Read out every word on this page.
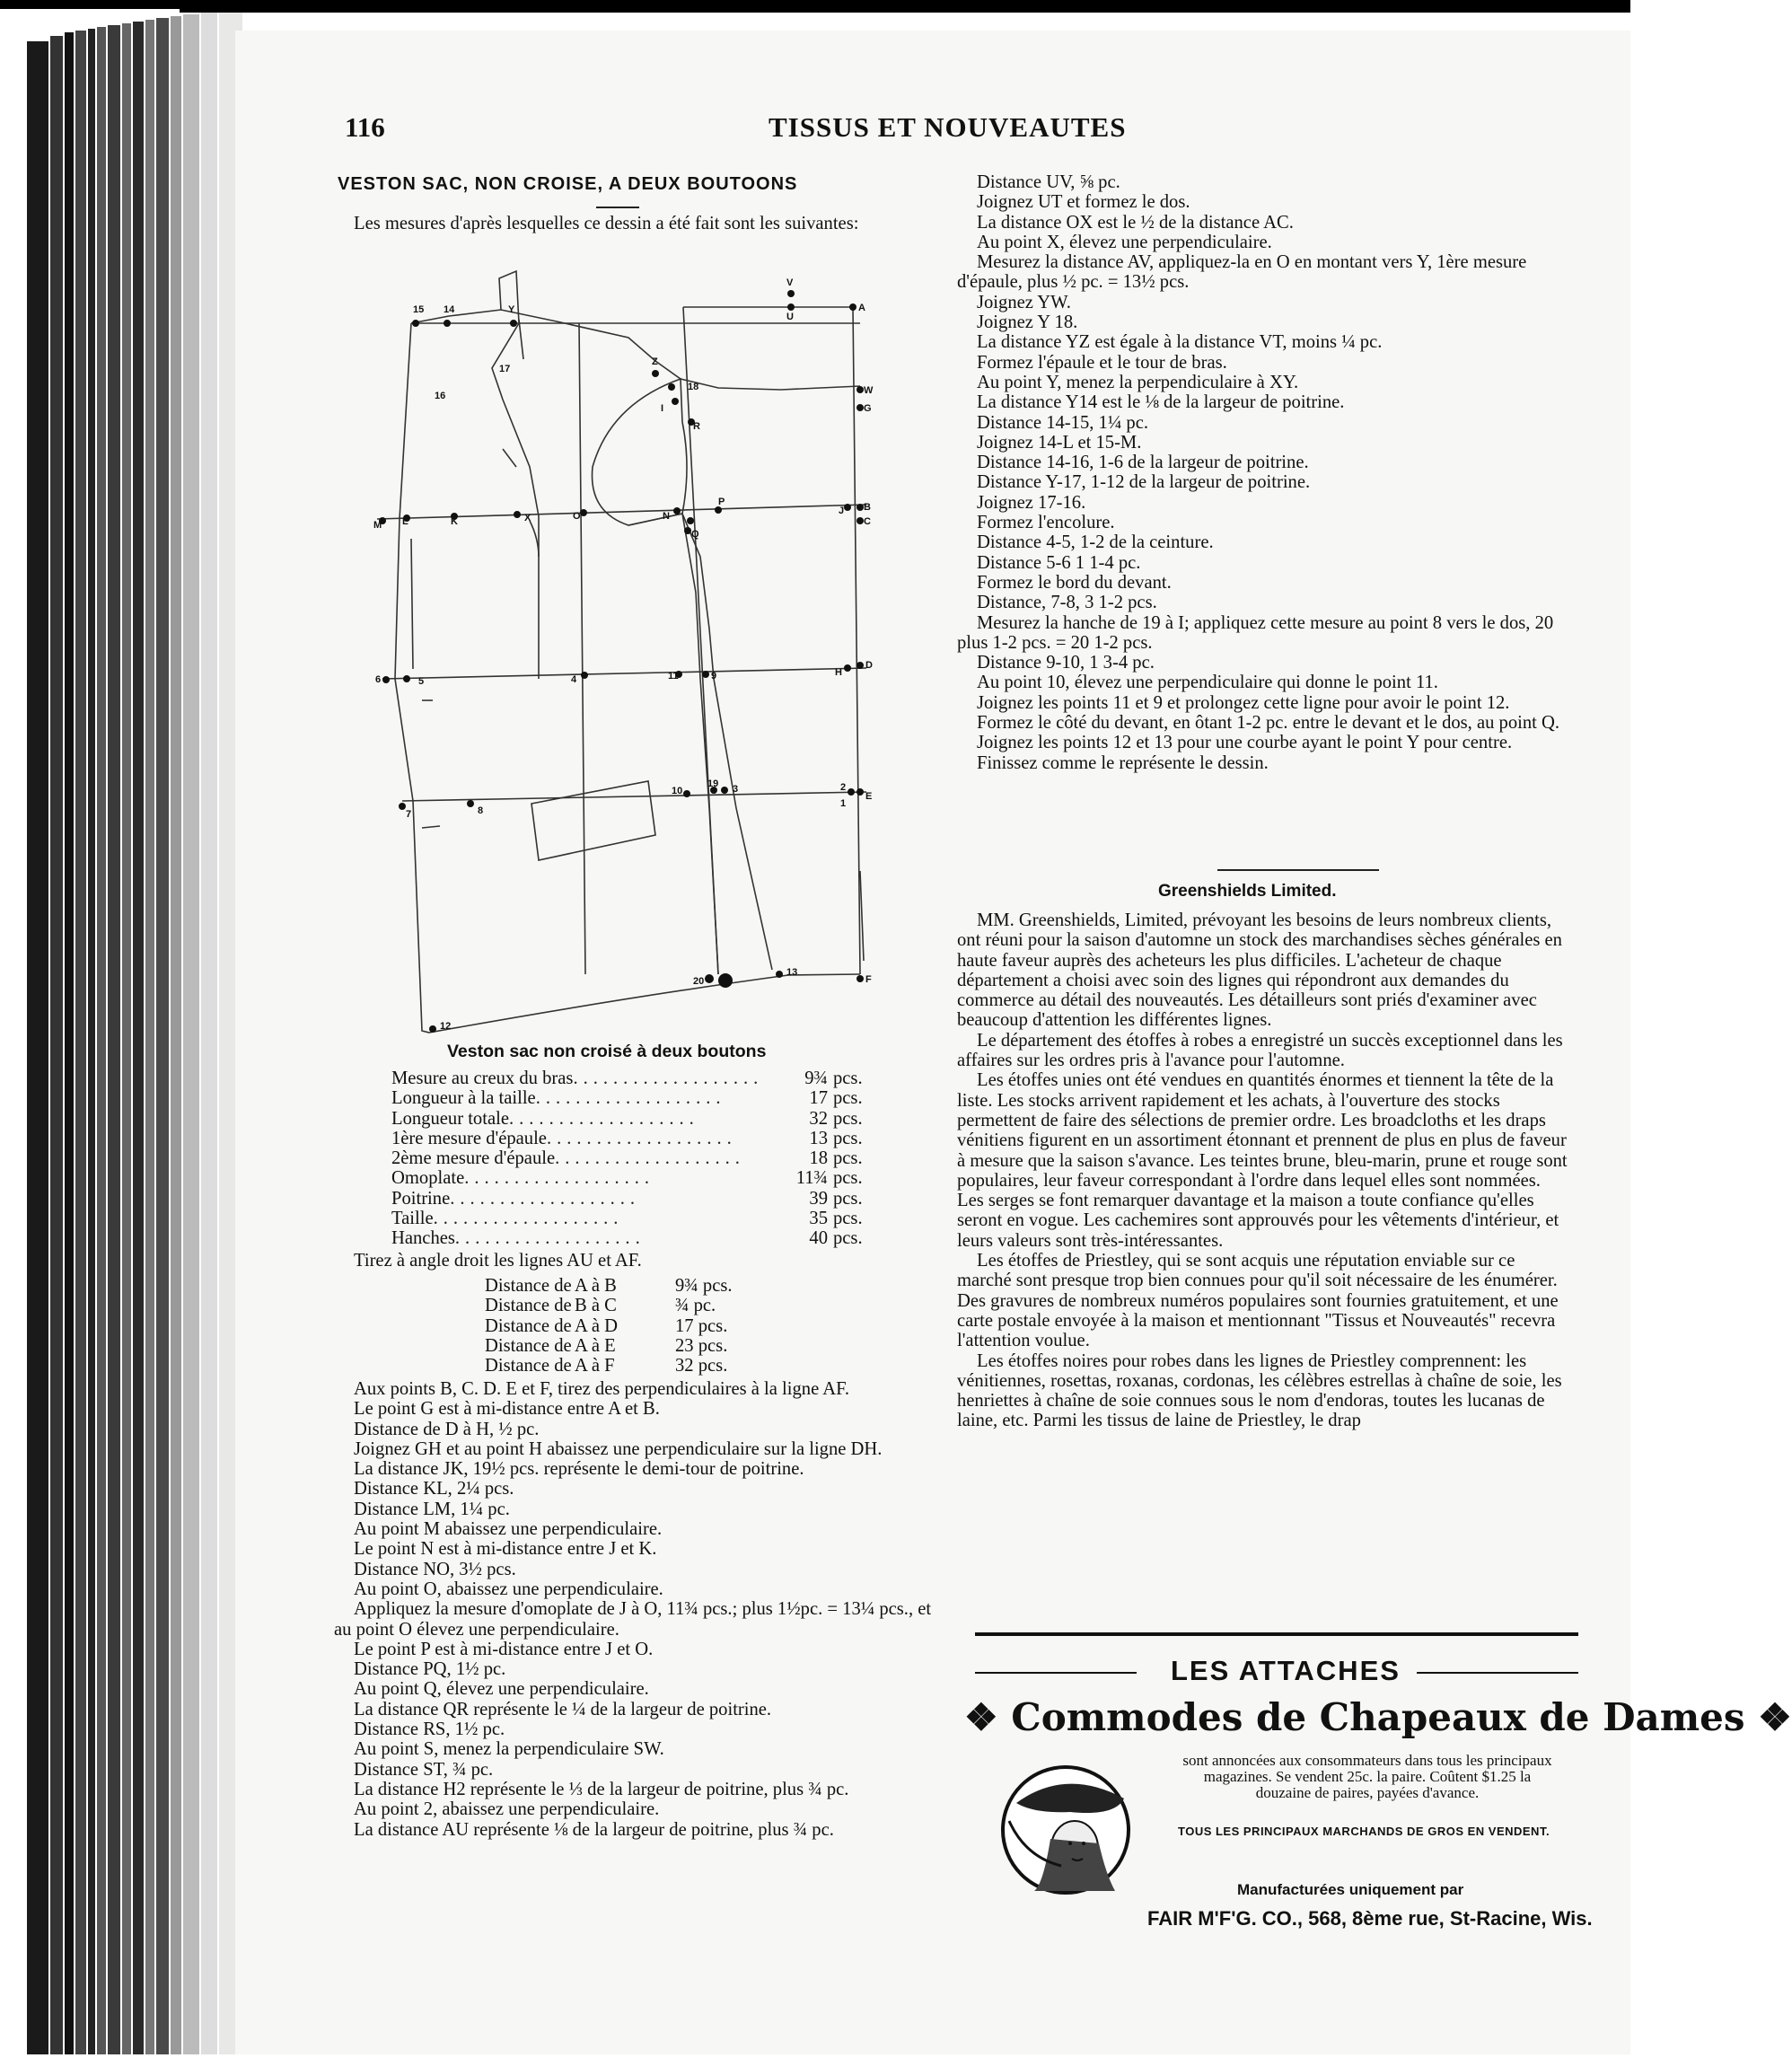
116	TISSUS ET NOUVEAUTES
VESTON SAC, NON CROISE, A DEUX BOUTOONS

Les mesures d'après lesquelles ce dessin a été fait sont les suivantes:

15 14	Y
V
U
A
17
Z
18	W
G
16
I
R
M L	K	X	O	N
P
J B
Q
C
6	5	4	11	9	H
D
7	8
10
19 3	2
1
E
20
13
F
12
Veston sac non croisé à deux boutons
Mesure au creux du bras ...................	9¾ pcs.
Longueur à la taille ...................	17 pcs.
Longueur totale ...................	32 pcs.
1ère mesure d'épaule ...................	13 pcs.
2ème mesure d'épaule ...................	18 pcs.
Omoplate ...................	11¾ pcs.
Poitrine ...................	39 pcs.
Taille ...................	35 pcs.
Hanches ...................	40 pcs.
Tirez à angle droit les lignes AU et AF.
Distance de A à B	9¾ pcs.
Distance de B à C	¾ pc.
Distance de A à D	17 pcs.
Distance de A à E	23 pcs.
Distance de A à F	32 pcs.

Aux points B, C. D. E et F, tirez des perpendiculaires à la ligne AF.

Le point G est à mi-distance entre A et B.

Distance de D à H, ½ pc.

Joignez GH et au point H abaissez une perpendiculaire sur la ligne DH.

La distance JK, 19½ pcs. représente le demi-tour de poitrine.

Distance KL, 2¼ pcs.

Distance LM, 1¼ pc.

Au point M abaissez une perpendiculaire.

Le point N est à mi-distance entre J et K.

Distance NO, 3½ pcs.

Au point O, abaissez une perpendiculaire.

Appliquez la mesure d'omoplate de J à O, 11¾ pcs.; plus 1½pc. = 13¼ pcs., et au point O élevez une perpendiculaire.

Le point P est à mi-distance entre J et O.

Distance PQ, 1½ pc.

Au point Q, élevez une perpendiculaire.

La distance QR représente le ¼ de la largeur de poitrine.

Distance RS, 1½ pc.

Au point S, menez la perpendiculaire SW.

Distance ST, ¾ pc.

La distance H2 représente le ⅓ de la largeur de poitrine, plus ¾ pc.

Au point 2, abaissez une perpendiculaire.

La distance AU représente ⅛ de la largeur de poitrine, plus ¾ pc.

Distance UV, ⅝ pc.

Joignez UT et formez le dos.

La distance OX est le ½ de la distance AC.

Au point X, élevez une perpendiculaire.

Mesurez la distance AV, appliquez-la en O en montant vers Y, 1ère mesure d'épaule, plus ½ pc. = 13½ pcs.

Joignez YW.

Joignez Y 18.

La distance YZ est égale à la distance VT, moins ¼ pc.

Formez l'épaule et le tour de bras.

Au point Y, menez la perpendiculaire à XY.

La distance Y14 est le ⅛ de la largeur de poitrine.

Distance 14-15, 1¼ pc.

Joignez 14-L et 15-M.

Distance 14-16, 1-6 de la largeur de poitrine.

Distance Y-17, 1-12 de la largeur de poitrine.

Joignez 17-16.

Formez l'encolure.

Distance 4-5, 1-2 de la ceinture.

Distance 5-6 1 1-4 pc.

Formez le bord du devant.

Distance, 7-8, 3 1-2 pcs.

Mesurez la hanche de 19 à I; appliquez cette mesure au point 8 vers le dos, 20 plus 1-2 pcs. = 20 1-2 pcs.

Distance 9-10, 1 3-4 pc.

Au point 10, élevez une perpendiculaire qui donne le point 11.

Joignez les points 11 et 9 et prolongez cette ligne pour avoir le point 12.

Formez le côté du devant, en ôtant 1-2 pc. entre le devant et le dos, au point Q.

Joignez les points 12 et 13 pour une courbe ayant le point Y pour centre.

Finissez comme le représente le dessin.

Greenshields Limited.

MM. Greenshields, Limited, prévoyant les besoins de leurs nombreux clients, ont réuni pour la saison d'automne un stock des marchandises sèches générales en haute faveur auprès des acheteurs les plus difficiles. L'acheteur de chaque département a choisi avec soin des lignes qui répondront aux demandes du commerce au détail des nouveautés. Les détailleurs sont priés d'examiner avec beaucoup d'attention les différentes lignes.

Le département des étoffes à robes a enregistré un succès exceptionnel dans les affaires sur les ordres pris à l'avance pour l'automne.

Les étoffes unies ont été vendues en quantités énormes et tiennent la tête de la liste. Les stocks arrivent rapidement et les achats, à l'ouverture des stocks permettent de faire des sélections de premier ordre. Les broadcloths et les draps vénitiens figurent en un assortiment étonnant et prennent de plus en plus de faveur à mesure que la saison s'avance. Les teintes brune, bleu-marin, prune et rouge sont populaires, leur faveur correspondant à l'ordre dans lequel elles sont nommées. Les serges se font remarquer davantage et la maison a toute confiance qu'elles seront en vogue. Les cachemires sont approuvés pour les vêtements d'intérieur, et leurs valeurs sont très-intéressantes.

Les étoffes de Priestley, qui se sont acquis une réputation enviable sur ce marché sont presque trop bien connues pour qu'il soit nécessaire de les énumérer. Des gravures de nombreux numéros populaires sont fournies gratuitement, et une carte postale envoyée à la maison et mentionnant "Tissus et Nouveautés" recevra l'attention voulue.

Les étoffes noires pour robes dans les lignes de Priestley comprennent: les vénitiennes, rosettas, roxanas, cordonas, les célèbres estrellas à chaîne de soie, les henriettes à chaîne de soie connues sous le nom d'endoras, toutes les lucanas de laine, etc. Parmi les tissus de laine de Priestley, le drap

LES ATTACHES
❖ Commodes de Chapeaux de Dames ❖
sont annoncées aux consommateurs dans tous les principaux magazines. Se vendent 25c. la paire. Coûtent $1.25 la douzaine de paires, payées d'avance.
TOUS LES PRINCIPAUX MARCHANDS DE GROS EN VENDENT.
Manufacturées uniquement par
FAIR M'F'G. CO., 568, 8ème rue, St-Racine, Wis.
